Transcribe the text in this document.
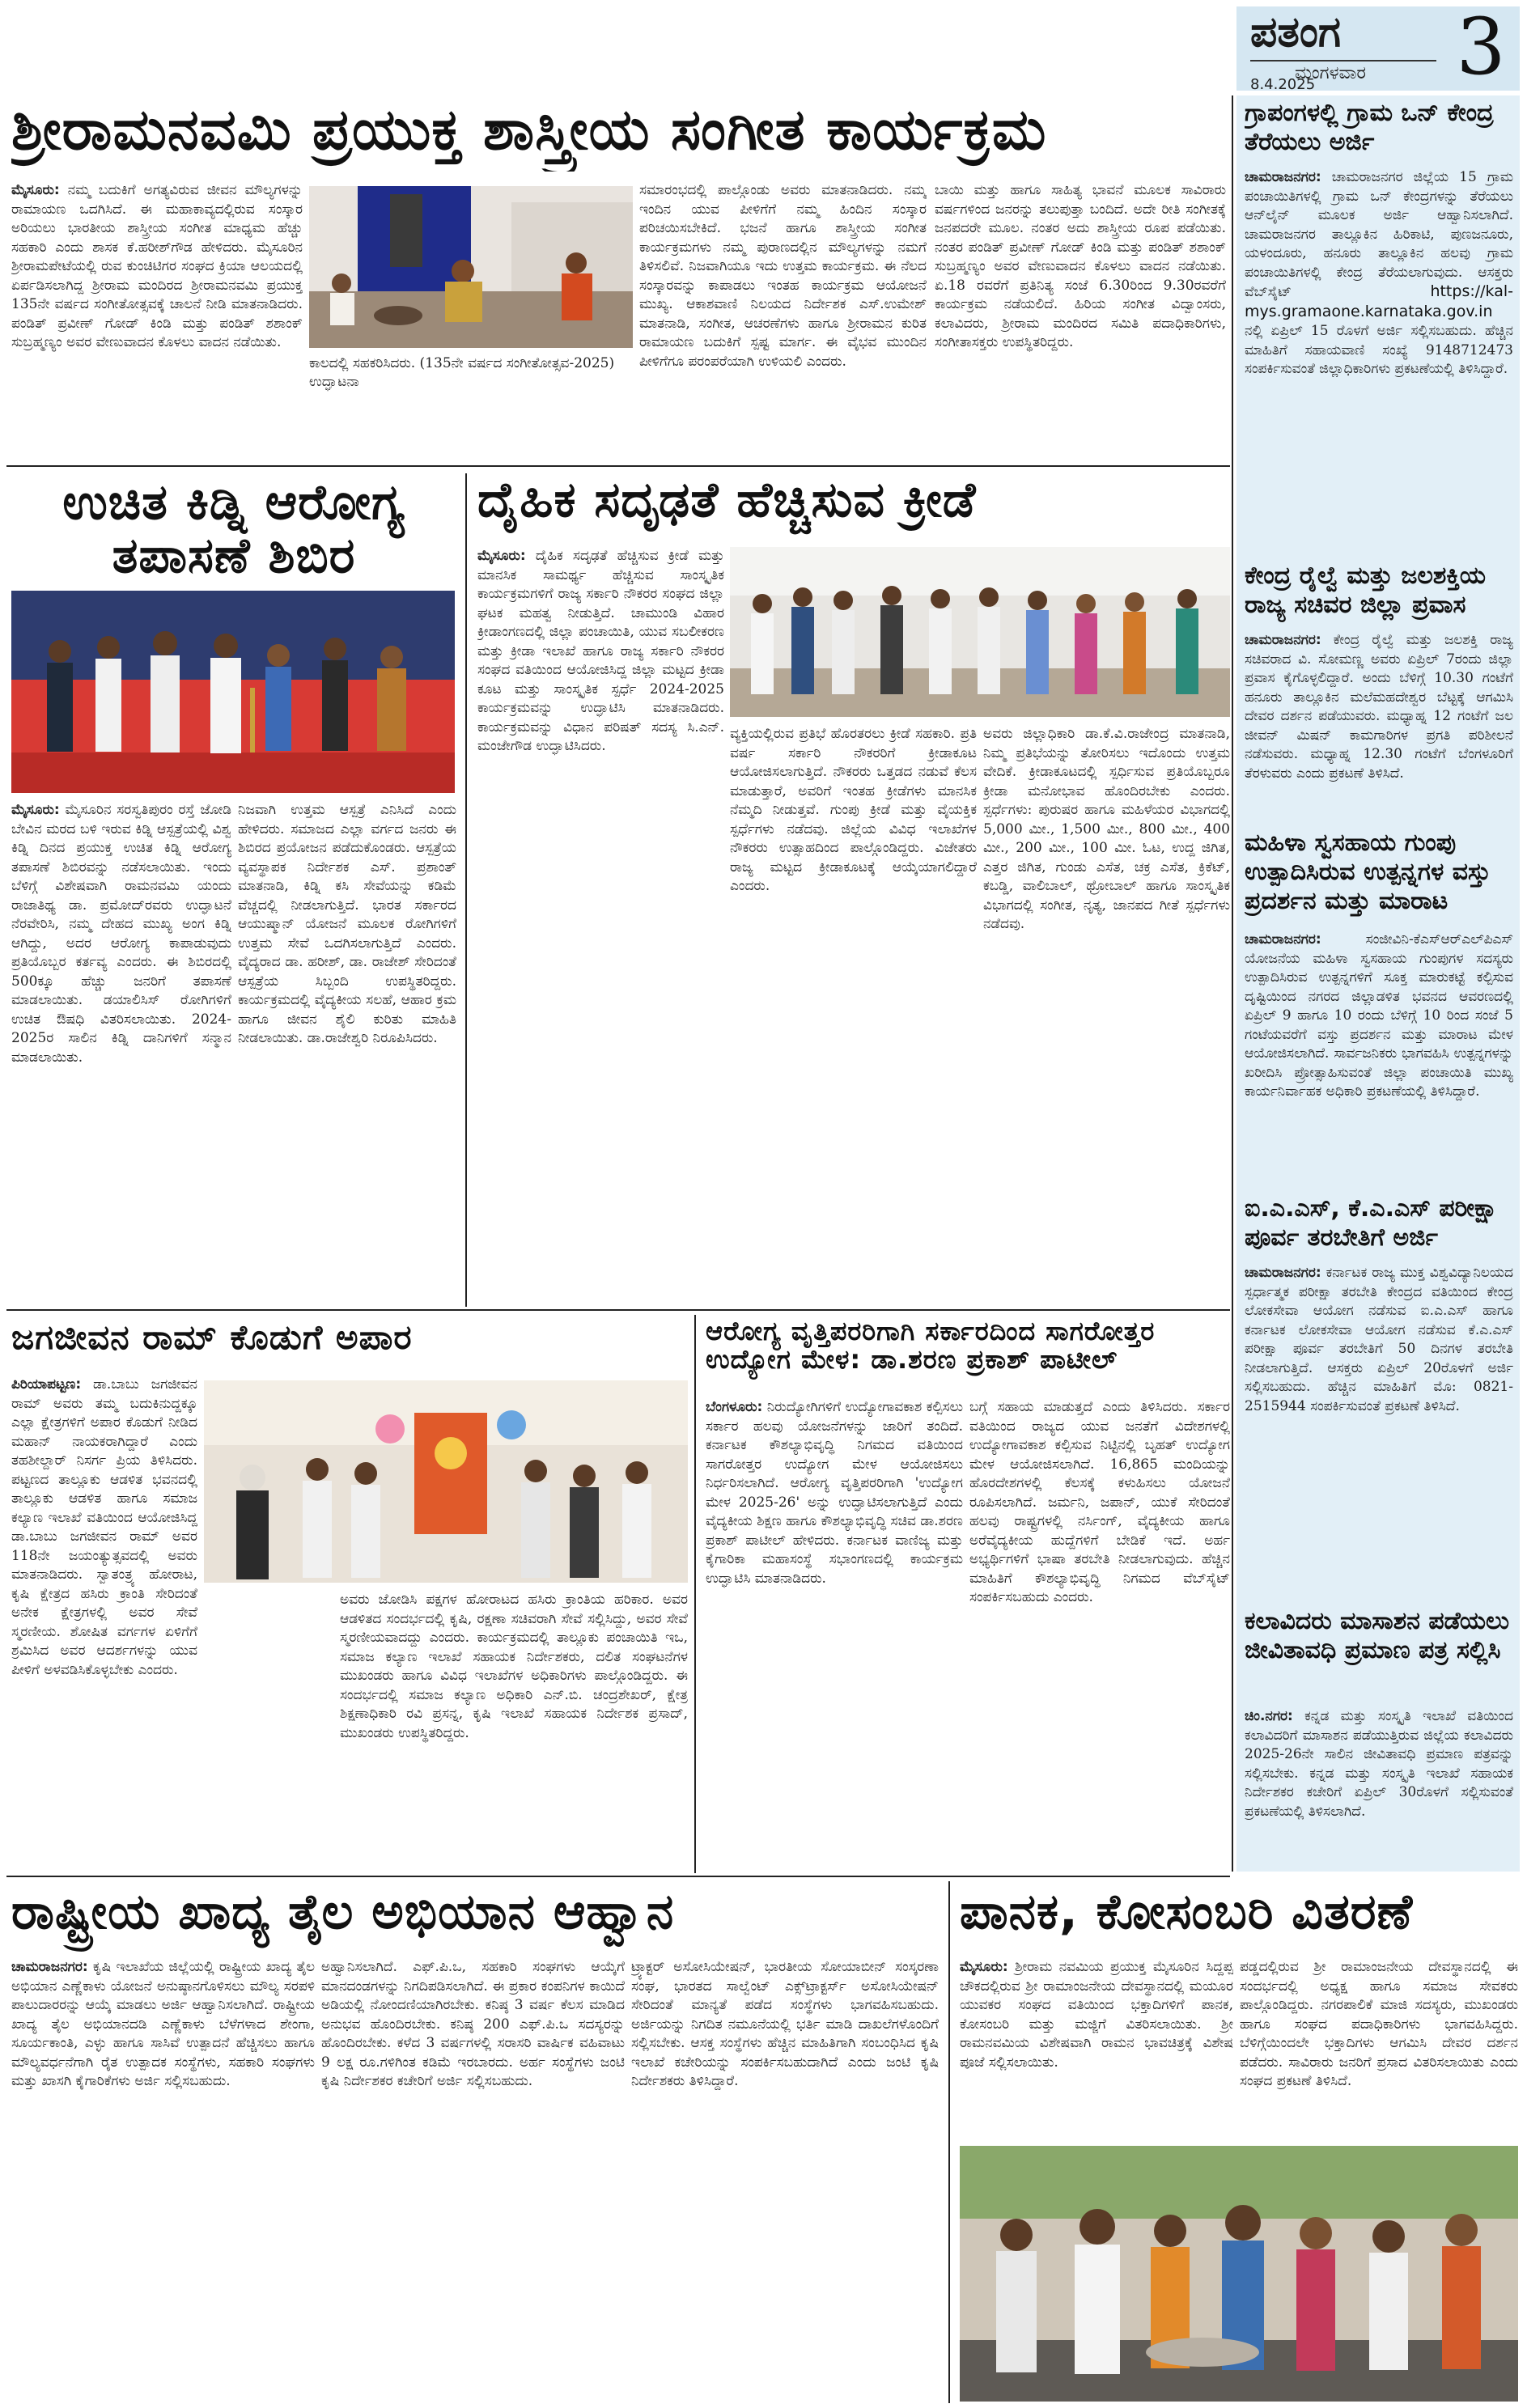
ಪತಂಗ
ಮಂಗಳವಾರ
8.4.2025	3
ಶ್ರೀರಾಮನವಮಿ ಪ್ರಯುಕ್ತ ಶಾಸ್ತ್ರೀಯ ಸಂಗೀತ ಕಾರ್ಯಕ್ರಮ
ಮೈಸೂರು: ನಮ್ಮ ಬದುಕಿಗೆ ಅಗತ್ಯವಿರುವ ಜೀವನ ಮೌಲ್ಯಗಳನ್ನು ರಾಮಾಯಣ ಒದಗಿಸಿದೆ. ಈ ಮಹಾಕಾವ್ಯದಲ್ಲಿರುವ ಸಂಸ್ಕಾರ ಅರಿಯಲು ಭಾರತೀಯ ಶಾಸ್ತ್ರೀಯ ಸಂಗೀತ ಮಾಧ್ಯಮ ಹೆಚ್ಚು ಸಹಕಾರಿ ಎಂದು ಶಾಸಕ ಕೆ.ಹರೀಶ್‌ಗೌಡ ಹೇಳಿದರು. ಮೈಸೂರಿನ ಶ್ರೀರಾಮಪೇಟೆಯಲ್ಲಿ ರುವ ಕುಂಚಿಟಿಗರ ಸಂಘದ ಕ್ರಿಯಾ ಆಲಯದಲ್ಲಿ ಏರ್ಪಡಿಸಲಾಗಿದ್ದ ಶ್ರೀರಾಮ ಮಂದಿರದ ಶ್ರೀರಾಮನವಮಿ ಪ್ರಯುಕ್ತ 135ನೇ ವರ್ಷದ ಸಂಗೀತೋತ್ಸವಕ್ಕೆ ಚಾಲನೆ ನೀಡಿ ಮಾತನಾಡಿದರು. ಪಂಡಿತ್ ಪ್ರವೀಣ್ ಗೋಡ್ ಕಿಂಡಿ ಮತ್ತು ಪಂಡಿತ್ ಶಶಾಂಕ್ ಸುಬ್ರಹ್ಮಣ್ಯಂ ಅವರ ವೇಣುವಾದನ ಕೊಳಲು ವಾದನ ನಡೆಯಿತು.
ಕಾಲದಲ್ಲಿ ಸಹಕರಿಸಿದರು. (135ನೇ ವರ್ಷದ ಸಂಗೀತೋತ್ಸವ-2025) ಉದ್ಘಾಟನಾ
ಸಮಾರಂಭದಲ್ಲಿ ಪಾಲ್ಗೊಂಡು ಅವರು ಮಾತನಾಡಿದರು. ನಮ್ಮ ಇಂದಿನ ಯುವ ಪೀಳಿಗೆಗೆ ನಮ್ಮ ಹಿಂದಿನ ಸಂಸ್ಕಾರ ಪರಿಚಯಿಸಬೇಕಿದೆ. ಭಜನೆ ಹಾಗೂ ಶಾಸ್ತ್ರೀಯ ಸಂಗೀತ ಕಾರ್ಯಕ್ರಮಗಳು ನಮ್ಮ ಪುರಾಣದಲ್ಲಿನ ಮೌಲ್ಯಗಳನ್ನು ನಮಗೆ ತಿಳಿಸಲಿವೆ. ನಿಜವಾಗಿಯೂ ಇದು ಉತ್ತಮ ಕಾರ್ಯಕ್ರಮ. ಈ ನೆಲದ ಸಂಸ್ಕಾರವನ್ನು ಕಾಪಾಡಲು ಇಂತಹ ಕಾರ್ಯಕ್ರಮ ಆಯೋಜನೆ ಮುಖ್ಯ. ಆಕಾಶವಾಣಿ ನಿಲಯದ ನಿರ್ದೇಶಕ ಎಸ್.ಉಮೇಶ್ ಮಾತನಾಡಿ, ಸಂಗೀತ, ಆಚರಣೆಗಳು ಹಾಗೂ ಶ್ರೀರಾಮನ ಕುರಿತ ರಾಮಾಯಣ ಬದುಕಿಗೆ ಸ್ಪಷ್ಟ ಮಾರ್ಗ. ಈ ವೈಭವ ಮುಂದಿನ ಪೀಳಿಗೆಗೂ ಪರಂಪರೆಯಾಗಿ ಉಳಿಯಲಿ ಎಂದರು.
ಬಾಯಿ ಮತ್ತು ಹಾಗೂ ಸಾಹಿತ್ಯ ಭಾವನೆ ಮೂಲಕ ಸಾವಿರಾರು ವರ್ಷಗಳಿಂದ ಜನರನ್ನು ತಲುಪುತ್ತಾ ಬಂದಿದೆ. ಅದೇ ರೀತಿ ಸಂಗೀತಕ್ಕೆ ಜನಪದರೇ ಮೂಲ. ನಂತರ ಅದು ಶಾಸ್ತ್ರೀಯ ರೂಪ ಪಡೆಯಿತು. ನಂತರ ಪಂಡಿತ್ ಪ್ರವೀಣ್ ಗೋಡ್ ಕಿಂಡಿ ಮತ್ತು ಪಂಡಿತ್ ಶಶಾಂಕ್ ಸುಬ್ರಹ್ಮಣ್ಯಂ ಅವರ ವೇಣುವಾದನ ಕೊಳಲು ವಾದನ ನಡೆಯಿತು. ಏ.18 ರವರೆಗೆ ಪ್ರತಿನಿತ್ಯ ಸಂಜೆ 6.30ರಿಂದ 9.30ರವರೆಗೆ ಕಾರ್ಯಕ್ರಮ ನಡೆಯಲಿದೆ. ಹಿರಿಯ ಸಂಗೀತ ವಿದ್ವಾಂಸರು, ಕಲಾವಿದರು, ಶ್ರೀರಾಮ ಮಂದಿರದ ಸಮಿತಿ ಪದಾಧಿಕಾರಿಗಳು, ಸಂಗೀತಾಸಕ್ತರು ಉಪಸ್ಥಿತರಿದ್ದರು.
ಉಚಿತ ಕಿಡ್ನಿ ಆರೋಗ್ಯ ತಪಾಸಣೆ ಶಿಬಿರ
ಮೈಸೂರು: ಮೈಸೂರಿನ ಸರಸ್ವತಿಪುರಂ ರಸ್ತೆ ಜೋಡಿ ಬೇವಿನ ಮರದ ಬಳಿ ಇರುವ ಕಿಡ್ನಿ ಆಸ್ಪತ್ರೆಯಲ್ಲಿ ವಿಶ್ವ ಕಿಡ್ನಿ ದಿನದ ಪ್ರಯುಕ್ತ ಉಚಿತ ಕಿಡ್ನಿ ಆರೋಗ್ಯ ತಪಾಸಣೆ ಶಿಬಿರವನ್ನು ನಡೆಸಲಾಯಿತು. ಇಂದು ಬೆಳಿಗ್ಗೆ ವಿಶೇಷವಾಗಿ ರಾಮನವಮಿ ಯಂದು ರಾಜಾತಿಥ್ಯ ಡಾ. ಪ್ರಮೋದ್‌ರವರು ಉದ್ಘಾಟನೆ ನೆರವೇರಿಸಿ, ನಮ್ಮ ದೇಹದ ಮುಖ್ಯ ಅಂಗ ಕಿಡ್ನಿ ಆಗಿದ್ದು, ಅದರ ಆರೋಗ್ಯ ಕಾಪಾಡುವುದು ಪ್ರತಿಯೊಬ್ಬರ ಕರ್ತವ್ಯ ಎಂದರು. ಈ ಶಿಬಿರದಲ್ಲಿ 500ಕ್ಕೂ ಹೆಚ್ಚು ಜನರಿಗೆ ತಪಾಸಣೆ ಮಾಡಲಾಯಿತು. ಡಯಾಲಿಸಿಸ್ ರೋಗಿಗಳಿಗೆ ಉಚಿತ ಔಷಧಿ ವಿತರಿಸಲಾಯಿತು. 2024-2025ರ ಸಾಲಿನ ಕಿಡ್ನಿ ದಾನಿಗಳಿಗೆ ಸನ್ಮಾನ ಮಾಡಲಾಯಿತು.
ನಿಜವಾಗಿ ಉತ್ತಮ ಆಸ್ಪತ್ರೆ ಎನಿಸಿದೆ ಎಂದು ಹೇಳಿದರು. ಸಮಾಜದ ಎಲ್ಲಾ ವರ್ಗದ ಜನರು ಈ ಶಿಬಿರದ ಪ್ರಯೋಜನ ಪಡೆದುಕೊಂಡರು. ಆಸ್ಪತ್ರೆಯ ವ್ಯವಸ್ಥಾಪಕ ನಿರ್ದೇಶಕ ಎಸ್. ಪ್ರಶಾಂತ್ ಮಾತನಾಡಿ, ಕಿಡ್ನಿ ಕಸಿ ಸೇವೆಯನ್ನು ಕಡಿಮೆ ವೆಚ್ಚದಲ್ಲಿ ನೀಡಲಾಗುತ್ತಿದೆ. ಭಾರತ ಸರ್ಕಾರದ ಆಯುಷ್ಮಾನ್ ಯೋಜನೆ ಮೂಲಕ ರೋಗಿಗಳಿಗೆ ಉತ್ತಮ ಸೇವೆ ಒದಗಿಸಲಾಗುತ್ತಿದೆ ಎಂದರು. ವೈದ್ಯರಾದ ಡಾ. ಹರೀಶ್, ಡಾ. ರಾಜೇಶ್ ಸೇರಿದಂತೆ ಆಸ್ಪತ್ರೆಯ ಸಿಬ್ಬಂದಿ ಉಪಸ್ಥಿತರಿದ್ದರು. ಕಾರ್ಯಕ್ರಮದಲ್ಲಿ ವೈದ್ಯಕೀಯ ಸಲಹೆ, ಆಹಾರ ಕ್ರಮ ಹಾಗೂ ಜೀವನ ಶೈಲಿ ಕುರಿತು ಮಾಹಿತಿ ನೀಡಲಾಯಿತು. ಡಾ.ರಾಜೇಶ್ವರಿ ನಿರೂಪಿಸಿದರು.
ದೈಹಿಕ ಸದೃಢತೆ ಹೆಚ್ಚಿಸುವ ಕ್ರೀಡೆ
ಮೈಸೂರು: ದೈಹಿಕ ಸದೃಢತೆ ಹೆಚ್ಚಿಸುವ ಕ್ರೀಡೆ ಮತ್ತು ಮಾನಸಿಕ ಸಾಮರ್ಥ್ಯ ಹೆಚ್ಚಿಸುವ ಸಾಂಸ್ಕೃತಿಕ ಕಾರ್ಯಕ್ರಮಗಳಿಗೆ ರಾಜ್ಯ ಸರ್ಕಾರಿ ನೌಕರರ ಸಂಘದ ಜಿಲ್ಲಾ ಘಟಕ ಮಹತ್ವ ನೀಡುತ್ತಿದೆ. ಚಾಮುಂಡಿ ವಿಹಾರ ಕ್ರೀಡಾಂಗಣದಲ್ಲಿ ಜಿಲ್ಲಾ ಪಂಚಾಯಿತಿ, ಯುವ ಸಬಲೀಕರಣ ಮತ್ತು ಕ್ರೀಡಾ ಇಲಾಖೆ ಹಾಗೂ ರಾಜ್ಯ ಸರ್ಕಾರಿ ನೌಕರರ ಸಂಘದ ವತಿಯಿಂದ ಆಯೋಜಿಸಿದ್ದ ಜಿಲ್ಲಾ ಮಟ್ಟದ ಕ್ರೀಡಾ ಕೂಟ ಮತ್ತು ಸಾಂಸ್ಕೃತಿಕ ಸ್ಪರ್ಧೆ 2024-2025 ಕಾರ್ಯಕ್ರಮವನ್ನು ಉದ್ಘಾಟಿಸಿ ಮಾತನಾಡಿದರು. ಕಾರ್ಯಕ್ರಮವನ್ನು ವಿಧಾನ ಪರಿಷತ್ ಸದಸ್ಯ ಸಿ.ಎನ್. ಮಂಜೇಗೌಡ ಉದ್ಘಾಟಿಸಿದರು.
ವ್ಯಕ್ತಿಯಲ್ಲಿರುವ ಪ್ರತಿಭೆ ಹೊರತರಲು ಕ್ರೀಡೆ ಸಹಕಾರಿ. ಪ್ರತಿ ವರ್ಷ ಸರ್ಕಾರಿ ನೌಕರರಿಗೆ ಕ್ರೀಡಾಕೂಟ ಆಯೋಜಿಸಲಾಗುತ್ತಿದೆ. ನೌಕರರು ಒತ್ತಡದ ನಡುವೆ ಕೆಲಸ ಮಾಡುತ್ತಾರೆ, ಅವರಿಗೆ ಇಂತಹ ಕ್ರೀಡೆಗಳು ಮಾನಸಿಕ ನೆಮ್ಮದಿ ನೀಡುತ್ತವೆ. ಗುಂಪು ಕ್ರೀಡೆ ಮತ್ತು ವೈಯಕ್ತಿಕ ಸ್ಪರ್ಧೆಗಳು ನಡೆದವು. ಜಿಲ್ಲೆಯ ವಿವಿಧ ಇಲಾಖೆಗಳ ನೌಕರರು ಉತ್ಸಾಹದಿಂದ ಪಾಲ್ಗೊಂಡಿದ್ದರು. ವಿಜೇತರು ರಾಜ್ಯ ಮಟ್ಟದ ಕ್ರೀಡಾಕೂಟಕ್ಕೆ ಆಯ್ಕೆಯಾಗಲಿದ್ದಾರೆ ಎಂದರು.
ಅವರು ಜಿಲ್ಲಾಧಿಕಾರಿ ಡಾ.ಕೆ.ವಿ.ರಾಜೇಂದ್ರ ಮಾತನಾಡಿ, ನಿಮ್ಮ ಪ್ರತಿಭೆಯನ್ನು ತೋರಿಸಲು ಇದೊಂದು ಉತ್ತಮ ವೇದಿಕೆ. ಕ್ರೀಡಾಕೂಟದಲ್ಲಿ ಸ್ಪರ್ಧಿಸುವ ಪ್ರತಿಯೊಬ್ಬರೂ ಕ್ರೀಡಾ ಮನೋಭಾವ ಹೊಂದಿರಬೇಕು ಎಂದರು. ಸ್ಪರ್ಧೆಗಳು: ಪುರುಷರ ಹಾಗೂ ಮಹಿಳೆಯರ ವಿಭಾಗದಲ್ಲಿ 5,000 ಮೀ., 1,500 ಮೀ., 800 ಮೀ., 400 ಮೀ., 200 ಮೀ., 100 ಮೀ. ಓಟ, ಉದ್ದ ಜಿಗಿತ, ಎತ್ತರ ಜಿಗಿತ, ಗುಂಡು ಎಸೆತ, ಚಕ್ರ ಎಸೆತ, ಕ್ರಿಕೆಟ್, ಕಬಡ್ಡಿ, ವಾಲಿಬಾಲ್, ಥ್ರೋಬಾಲ್ ಹಾಗೂ ಸಾಂಸ್ಕೃತಿಕ ವಿಭಾಗದಲ್ಲಿ ಸಂಗೀತ, ನೃತ್ಯ, ಜಾನಪದ ಗೀತೆ ಸ್ಪರ್ಧೆಗಳು ನಡೆದವು.
ಜಗಜೀವನ ರಾಮ್ ಕೊಡುಗೆ ಅಪಾರ
ಪಿರಿಯಾಪಟ್ಟಣ: ಡಾ.ಬಾಬು ಜಗಜೀವನ ರಾಮ್ ಅವರು ತಮ್ಮ ಬದುಕಿನುದ್ದಕ್ಕೂ ಎಲ್ಲಾ ಕ್ಷೇತ್ರಗಳಿಗೆ ಅಪಾರ ಕೊಡುಗೆ ನೀಡಿದ ಮಹಾನ್ ನಾಯಕರಾಗಿದ್ದಾರೆ ಎಂದು ತಹಶೀಲ್ದಾರ್ ನಿಸರ್ಗ ಪ್ರಿಯ ತಿಳಿಸಿದರು. ಪಟ್ಟಣದ ತಾಲ್ಲೂಕು ಆಡಳಿತ ಭವನದಲ್ಲಿ ತಾಲ್ಲೂಕು ಆಡಳಿತ ಹಾಗೂ ಸಮಾಜ ಕಲ್ಯಾಣ ಇಲಾಖೆ ವತಿಯಿಂದ ಆಯೋಜಿಸಿದ್ದ ಡಾ.ಬಾಬು ಜಗಜೀವನ ರಾಮ್ ಅವರ 118ನೇ ಜಯಂತ್ಯುತ್ಸವದಲ್ಲಿ ಅವರು ಮಾತನಾಡಿದರು. ಸ್ವಾತಂತ್ರ್ಯ ಹೋರಾಟ, ಕೃಷಿ ಕ್ಷೇತ್ರದ ಹಸಿರು ಕ್ರಾಂತಿ ಸೇರಿದಂತೆ ಅನೇಕ ಕ್ಷೇತ್ರಗಳಲ್ಲಿ ಅವರ ಸೇವೆ ಸ್ಮರಣೀಯ. ಶೋಷಿತ ವರ್ಗಗಳ ಏಳಿಗೆಗೆ ಶ್ರಮಿಸಿದ ಅವರ ಆದರ್ಶಗಳನ್ನು ಯುವ ಪೀಳಿಗೆ ಅಳವಡಿಸಿಕೊಳ್ಳಬೇಕು ಎಂದರು.
ಅವರು ಜೋಡಿಸಿ ಪಕ್ಷಗಳ ಹೋರಾಟದ ಹಸಿರು ಕ್ರಾಂತಿಯ ಹರಿಕಾರ. ಅವರ ಆಡಳಿತದ ಸಂದರ್ಭದಲ್ಲಿ ಕೃಷಿ, ರಕ್ಷಣಾ ಸಚಿವರಾಗಿ ಸೇವೆ ಸಲ್ಲಿಸಿದ್ದು, ಅವರ ಸೇವೆ ಸ್ಮರಣೀಯವಾದದ್ದು ಎಂದರು. ಕಾರ್ಯಕ್ರಮದಲ್ಲಿ ತಾಲ್ಲೂಕು ಪಂಚಾಯಿತಿ ಇಒ, ಸಮಾಜ ಕಲ್ಯಾಣ ಇಲಾಖೆ ಸಹಾಯಕ ನಿರ್ದೇಶಕರು, ದಲಿತ ಸಂಘಟನೆಗಳ ಮುಖಂಡರು ಹಾಗೂ ವಿವಿಧ ಇಲಾಖೆಗಳ ಅಧಿಕಾರಿಗಳು ಪಾಲ್ಗೊಂಡಿದ್ದರು. ಈ ಸಂದರ್ಭದಲ್ಲಿ ಸಮಾಜ ಕಲ್ಯಾಣ ಅಧಿಕಾರಿ ಎನ್.ಬಿ. ಚಂದ್ರಶೇಖರ್, ಕ್ಷೇತ್ರ ಶಿಕ್ಷಣಾಧಿಕಾರಿ ರವಿ ಪ್ರಸನ್ನ, ಕೃಷಿ ಇಲಾಖೆ ಸಹಾಯಕ ನಿರ್ದೇಶಕ ಪ್ರಸಾದ್, ಮುಖಂಡರು ಉಪಸ್ಥಿತರಿದ್ದರು.
ಆರೋಗ್ಯ ವೃತ್ತಿಪರರಿಗಾಗಿ ಸರ್ಕಾರದಿಂದ ಸಾಗರೋತ್ತರ ಉದ್ಯೋಗ ಮೇಳ: ಡಾ.ಶರಣ ಪ್ರಕಾಶ್ ಪಾಟೀಲ್
ಬೆಂಗಳೂರು: ನಿರುದ್ಯೋಗಿಗಳಿಗೆ ಉದ್ಯೋಗಾವಕಾಶ ಕಲ್ಪಿಸಲು ಸರ್ಕಾರ ಹಲವು ಯೋಜನೆಗಳನ್ನು ಜಾರಿಗೆ ತಂದಿದೆ. ಕರ್ನಾಟಕ ಕೌಶಲ್ಯಾಭಿವೃದ್ಧಿ ನಿಗಮದ ವತಿಯಿಂದ ಸಾಗರೋತ್ತರ ಉದ್ಯೋಗ ಮೇಳ ಆಯೋಜಿಸಲು ನಿರ್ಧರಿಸಲಾಗಿದೆ. ಆರೋಗ್ಯ ವೃತ್ತಿಪರರಿಗಾಗಿ 'ಉದ್ಯೋಗ ಮೇಳ 2025-26' ಅನ್ನು ಉದ್ಘಾಟಿಸಲಾಗುತ್ತಿದೆ ಎಂದು ವೈದ್ಯಕೀಯ ಶಿಕ್ಷಣ ಹಾಗೂ ಕೌಶಲ್ಯಾಭಿವೃದ್ಧಿ ಸಚಿವ ಡಾ.ಶರಣ ಪ್ರಕಾಶ್ ಪಾಟೀಲ್ ಹೇಳಿದರು. ಕರ್ನಾಟಕ ವಾಣಿಜ್ಯ ಮತ್ತು ಕೈಗಾರಿಕಾ ಮಹಾಸಂಸ್ಥೆ ಸಭಾಂಗಣದಲ್ಲಿ ಕಾರ್ಯಕ್ರಮ ಉದ್ಘಾಟಿಸಿ ಮಾತನಾಡಿದರು.
ಬಗ್ಗೆ ಸಹಾಯ ಮಾಡುತ್ತದೆ ಎಂದು ತಿಳಿಸಿದರು. ಸರ್ಕಾರ ವತಿಯಿಂದ ರಾಜ್ಯದ ಯುವ ಜನತೆಗೆ ವಿದೇಶಗಳಲ್ಲಿ ಉದ್ಯೋಗಾವಕಾಶ ಕಲ್ಪಿಸುವ ನಿಟ್ಟಿನಲ್ಲಿ ಬೃಹತ್ ಉದ್ಯೋಗ ಮೇಳ ಆಯೋಜಿಸಲಾಗಿದೆ. 16,865 ಮಂದಿಯನ್ನು ಹೊರದೇಶಗಳಲ್ಲಿ ಕೆಲಸಕ್ಕೆ ಕಳುಹಿಸಲು ಯೋಜನೆ ರೂಪಿಸಲಾಗಿದೆ. ಜರ್ಮನಿ, ಜಪಾನ್, ಯುಕೆ ಸೇರಿದಂತೆ ಹಲವು ರಾಷ್ಟ್ರಗಳಲ್ಲಿ ನರ್ಸಿಂಗ್, ವೈದ್ಯಕೀಯ ಹಾಗೂ ಅರೆವೈದ್ಯಕೀಯ ಹುದ್ದೆಗಳಿಗೆ ಬೇಡಿಕೆ ಇದೆ. ಅರ್ಹ ಅಭ್ಯರ್ಥಿಗಳಿಗೆ ಭಾಷಾ ತರಬೇತಿ ನೀಡಲಾಗುವುದು. ಹೆಚ್ಚಿನ ಮಾಹಿತಿಗೆ ಕೌಶಲ್ಯಾಭಿವೃದ್ಧಿ ನಿಗಮದ ವೆಬ್‌ಸೈಟ್ ಸಂಪರ್ಕಿಸಬಹುದು ಎಂದರು.
ಗ್ರಾಪಂಗಳಲ್ಲಿ ಗ್ರಾಮ ಒನ್ ಕೇಂದ್ರ ತೆರೆಯಲು ಅರ್ಜಿ
ಚಾಮರಾಜನಗರ: ಚಾಮರಾಜನಗರ ಜಿಲ್ಲೆಯ 15 ಗ್ರಾಮ ಪಂಚಾಯಿತಿಗಳಲ್ಲಿ ಗ್ರಾಮ ಒನ್ ಕೇಂದ್ರಗಳನ್ನು ತೆರೆಯಲು ಆನ್‌ಲೈನ್ ಮೂಲಕ ಅರ್ಜಿ ಆಹ್ವಾನಿಸಲಾಗಿದೆ. ಚಾಮರಾಜನಗರ ತಾಲ್ಲೂಕಿನ ಹಿರಿಕಾಟಿ, ಪುಣಜನೂರು, ಯಳಂದೂರು, ಹನೂರು ತಾಲ್ಲೂಕಿನ ಹಲವು ಗ್ರಾಮ ಪಂಚಾಯಿತಿಗಳಲ್ಲಿ ಕೇಂದ್ರ ತೆರೆಯಲಾಗುವುದು. ಆಸಕ್ತರು ವೆಬ್‌ಸೈಟ್	https://kal-mys.gramaone.karnataka.gov.in ನಲ್ಲಿ ಏಪ್ರಿಲ್ 15 ರೊಳಗೆ ಅರ್ಜಿ ಸಲ್ಲಿಸಬಹುದು. ಹೆಚ್ಚಿನ ಮಾಹಿತಿಗೆ ಸಹಾಯವಾಣಿ ಸಂಖ್ಯೆ 9148712473 ಸಂಪರ್ಕಿಸುವಂತೆ ಜಿಲ್ಲಾಧಿಕಾರಿಗಳು ಪ್ರಕಟಣೆಯಲ್ಲಿ ತಿಳಿಸಿದ್ದಾರೆ.
ಕೇಂದ್ರ ರೈಲ್ವೆ ಮತ್ತು ಜಲಶಕ್ತಿಯ ರಾಜ್ಯ ಸಚಿವರ ಜಿಲ್ಲಾ ಪ್ರವಾಸ
ಚಾಮರಾಜನಗರ: ಕೇಂದ್ರ ರೈಲ್ವೆ ಮತ್ತು ಜಲಶಕ್ತಿ ರಾಜ್ಯ ಸಚಿವರಾದ ವಿ. ಸೋಮಣ್ಣ ಅವರು ಏಪ್ರಿಲ್ 7ರಂದು ಜಿಲ್ಲಾ ಪ್ರವಾಸ ಕೈಗೊಳ್ಳಲಿದ್ದಾರೆ. ಅಂದು ಬೆಳಿಗ್ಗೆ 10.30 ಗಂಟೆಗೆ ಹನೂರು ತಾಲ್ಲೂಕಿನ ಮಲೆಮಹದೇಶ್ವರ ಬೆಟ್ಟಕ್ಕೆ ಆಗಮಿಸಿ ದೇವರ ದರ್ಶನ ಪಡೆಯುವರು. ಮಧ್ಯಾಹ್ನ 12 ಗಂಟೆಗೆ ಜಲ ಜೀವನ್ ಮಿಷನ್ ಕಾಮಗಾರಿಗಳ ಪ್ರಗತಿ ಪರಿಶೀಲನೆ ನಡೆಸುವರು. ಮಧ್ಯಾಹ್ನ 12.30 ಗಂಟೆಗೆ ಬೆಂಗಳೂರಿಗೆ ತೆರಳುವರು ಎಂದು ಪ್ರಕಟಣೆ ತಿಳಿಸಿದೆ.
ಮಹಿಳಾ ಸ್ವಸಹಾಯ ಗುಂಪು ಉತ್ಪಾದಿಸಿರುವ ಉತ್ಪನ್ನಗಳ ವಸ್ತು ಪ್ರದರ್ಶನ ಮತ್ತು ಮಾರಾಟ
ಚಾಮರಾಜನಗರ:	ಸಂಜೀವಿನಿ-ಕೆಎಸ್‌ಆರ್‌ಎಲ್‌ಪಿಎಸ್ ಯೋಜನೆಯ ಮಹಿಳಾ ಸ್ವಸಹಾಯ ಗುಂಪುಗಳ ಸದಸ್ಯರು ಉತ್ಪಾದಿಸಿರುವ ಉತ್ಪನ್ನಗಳಿಗೆ ಸೂಕ್ತ ಮಾರುಕಟ್ಟೆ ಕಲ್ಪಿಸುವ ದೃಷ್ಟಿಯಿಂದ ನಗರದ ಜಿಲ್ಲಾಡಳಿತ ಭವನದ ಆವರಣದಲ್ಲಿ ಏಪ್ರಿಲ್ 9 ಹಾಗೂ 10 ರಂದು ಬೆಳಿಗ್ಗೆ 10 ರಿಂದ ಸಂಜೆ 5 ಗಂಟೆಯವರೆಗೆ ವಸ್ತು ಪ್ರದರ್ಶನ ಮತ್ತು ಮಾರಾಟ ಮೇಳ ಆಯೋಜಿಸಲಾಗಿದೆ. ಸಾರ್ವಜನಿಕರು ಭಾಗವಹಿಸಿ ಉತ್ಪನ್ನಗಳನ್ನು ಖರೀದಿಸಿ ಪ್ರೋತ್ಸಾಹಿಸುವಂತೆ ಜಿಲ್ಲಾ ಪಂಚಾಯಿತಿ ಮುಖ್ಯ ಕಾರ್ಯನಿರ್ವಾಹಕ ಅಧಿಕಾರಿ ಪ್ರಕಟಣೆಯಲ್ಲಿ ತಿಳಿಸಿದ್ದಾರೆ.
ಐ.ಎ.ಎಸ್, ಕೆ.ಎ.ಎಸ್ ಪರೀಕ್ಷಾ ಪೂರ್ವ ತರಬೇತಿಗೆ ಅರ್ಜಿ
ಚಾಮರಾಜನಗರ: ಕರ್ನಾಟಕ ರಾಜ್ಯ ಮುಕ್ತ ವಿಶ್ವವಿದ್ಯಾನಿಲಯದ ಸ್ಪರ್ಧಾತ್ಮಕ ಪರೀಕ್ಷಾ ತರಬೇತಿ ಕೇಂದ್ರದ ವತಿಯಿಂದ ಕೇಂದ್ರ ಲೋಕಸೇವಾ ಆಯೋಗ ನಡೆಸುವ ಐ.ಎ.ಎಸ್ ಹಾಗೂ ಕರ್ನಾಟಕ ಲೋಕಸೇವಾ ಆಯೋಗ ನಡೆಸುವ ಕೆ.ಎ.ಎಸ್ ಪರೀಕ್ಷಾ ಪೂರ್ವ ತರಬೇತಿಗೆ 50 ದಿನಗಳ ತರಬೇತಿ ನೀಡಲಾಗುತ್ತಿದೆ. ಆಸಕ್ತರು ಏಪ್ರಿಲ್ 20ರೊಳಗೆ ಅರ್ಜಿ ಸಲ್ಲಿಸಬಹುದು. ಹೆಚ್ಚಿನ ಮಾಹಿತಿಗೆ ಮೊ: 0821-2515944 ಸಂಪರ್ಕಿಸುವಂತೆ ಪ್ರಕಟಣೆ ತಿಳಿಸಿದೆ.
ಕಲಾವಿದರು ಮಾಸಾಶನ ಪಡೆಯಲು ಜೀವಿತಾವಧಿ ಪ್ರಮಾಣ ಪತ್ರ ಸಲ್ಲಿಸಿ
ಚಿಂ.ನಗರ: ಕನ್ನಡ ಮತ್ತು ಸಂಸ್ಕೃತಿ ಇಲಾಖೆ ವತಿಯಿಂದ ಕಲಾವಿದರಿಗೆ ಮಾಸಾಶನ ಪಡೆಯುತ್ತಿರುವ ಜಿಲ್ಲೆಯ ಕಲಾವಿದರು 2025-26ನೇ ಸಾಲಿನ ಜೀವಿತಾವಧಿ ಪ್ರಮಾಣ ಪತ್ರವನ್ನು ಸಲ್ಲಿಸಬೇಕು. ಕನ್ನಡ ಮತ್ತು ಸಂಸ್ಕೃತಿ ಇಲಾಖೆ ಸಹಾಯಕ ನಿರ್ದೇಶಕರ ಕಚೇರಿಗೆ ಏಪ್ರಿಲ್ 30ರೊಳಗೆ ಸಲ್ಲಿಸುವಂತೆ ಪ್ರಕಟಣೆಯಲ್ಲಿ ತಿಳಿಸಲಾಗಿದೆ.
ರಾಷ್ಟ್ರೀಯ ಖಾದ್ಯ ತೈಲ ಅಭಿಯಾನ ಆಹ್ವಾನ
ಚಾಮರಾಜನಗರ: ಕೃಷಿ ಇಲಾಖೆಯ ಜಿಲ್ಲೆಯಲ್ಲಿ ರಾಷ್ಟ್ರೀಯ ಖಾದ್ಯ ತೈಲ ಅಭಿಯಾನ ಎಣ್ಣೆಕಾಳು ಯೋಜನೆ ಅನುಷ್ಠಾನಗೊಳಿಸಲು ಮೌಲ್ಯ ಸರಪಳಿ ಪಾಲುದಾರರನ್ನು ಆಯ್ಕೆ ಮಾಡಲು ಅರ್ಜಿ ಆಹ್ವಾನಿಸಲಾಗಿದೆ. ರಾಷ್ಟ್ರೀಯ ಖಾದ್ಯ ತೈಲ ಅಭಿಯಾನದಡಿ ಎಣ್ಣೆಕಾಳು ಬೆಳೆಗಳಾದ ಶೇಂಗಾ, ಸೂರ್ಯಕಾಂತಿ, ಎಳ್ಳು ಹಾಗೂ ಸಾಸಿವೆ ಉತ್ಪಾದನೆ ಹೆಚ್ಚಿಸಲು ಹಾಗೂ ಮೌಲ್ಯವರ್ಧನೆಗಾಗಿ ರೈತ ಉತ್ಪಾದಕ ಸಂಸ್ಥೆಗಳು, ಸಹಕಾರಿ ಸಂಘಗಳು ಮತ್ತು ಖಾಸಗಿ ಕೈಗಾರಿಕೆಗಳು ಅರ್ಜಿ ಸಲ್ಲಿಸಬಹುದು.
ಅಹ್ವಾನಿಸಲಾಗಿದೆ. ಎಫ್.ಪಿ.ಒ, ಸಹಕಾರಿ ಸಂಘಗಳು ಆಯ್ಕೆಗೆ ಮಾನದಂಡಗಳನ್ನು ನಿಗದಿಪಡಿಸಲಾಗಿದೆ. ಈ ಪ್ರಕಾರ ಕಂಪನಿಗಳ ಕಾಯಿದೆ ಅಡಿಯಲ್ಲಿ ನೋಂದಣಿಯಾಗಿರಬೇಕು. ಕನಿಷ್ಠ 3 ವರ್ಷ ಕೆಲಸ ಮಾಡಿದ ಅನುಭವ ಹೊಂದಿರಬೇಕು. ಕನಿಷ್ಠ 200 ಎಫ್.ಪಿ.ಒ ಸದಸ್ಯರನ್ನು ಹೊಂದಿರಬೇಕು. ಕಳೆದ 3 ವರ್ಷಗಳಲ್ಲಿ ಸರಾಸರಿ ವಾರ್ಷಿಕ ವಹಿವಾಟು 9 ಲಕ್ಷ ರೂ.ಗಳಿಗಿಂತ ಕಡಿಮೆ ಇರಬಾರದು. ಅರ್ಹ ಸಂಸ್ಥೆಗಳು ಜಂಟಿ ಕೃಷಿ ನಿರ್ದೇಶಕರ ಕಚೇರಿಗೆ ಅರ್ಜಿ ಸಲ್ಲಿಸಬಹುದು.
ಟ್ರ್ಯಾಕ್ಟರ್ ಅಸೋಸಿಯೇಷನ್, ಭಾರತೀಯ ಸೋಯಾಬೀನ್ ಸಂಸ್ಕರಣಾ ಸಂಘ, ಭಾರತದ ಸಾಲ್ವೆಂಟ್ ಎಕ್ಸ್‌ಟ್ರಾಕ್ಟರ್ಸ್ ಅಸೋಸಿಯೇಷನ್ ಸೇರಿದಂತೆ ಮಾನ್ಯತೆ ಪಡೆದ ಸಂಸ್ಥೆಗಳು ಭಾಗವಹಿಸಬಹುದು. ಅರ್ಜಿಯನ್ನು ನಿಗದಿತ ನಮೂನೆಯಲ್ಲಿ ಭರ್ತಿ ಮಾಡಿ ದಾಖಲೆಗಳೊಂದಿಗೆ ಸಲ್ಲಿಸಬೇಕು. ಆಸಕ್ತ ಸಂಸ್ಥೆಗಳು ಹೆಚ್ಚಿನ ಮಾಹಿತಿಗಾಗಿ ಸಂಬಂಧಿಸಿದ ಕೃಷಿ ಇಲಾಖೆ ಕಚೇರಿಯನ್ನು ಸಂಪರ್ಕಿಸಬಹುದಾಗಿದೆ ಎಂದು ಜಂಟಿ ಕೃಷಿ ನಿರ್ದೇಶಕರು ತಿಳಿಸಿದ್ದಾರೆ.
ಪಾನಕ, ಕೋಸಂಬರಿ ವಿತರಣೆ
ಮೈಸೂರು: ಶ್ರೀರಾಮ ನವಮಿಯ ಪ್ರಯುಕ್ತ ಮೈಸೂರಿನ ಸಿದ್ದಪ್ಪ ಚೌಕದಲ್ಲಿರುವ ಶ್ರೀ ರಾಮಾಂಜನೇಯ ದೇವಸ್ಥಾನದಲ್ಲಿ ಮಯೂರ ಯುವಕರ ಸಂಘದ ವತಿಯಿಂದ ಭಕ್ತಾದಿಗಳಿಗೆ ಪಾನಕ, ಕೋಸಂಬರಿ ಮತ್ತು ಮಜ್ಜಿಗೆ ವಿತರಿಸಲಾಯಿತು. ಶ್ರೀ ರಾಮನವಮಿಯ ವಿಶೇಷವಾಗಿ ರಾಮನ ಭಾವಚಿತ್ರಕ್ಕೆ ವಿಶೇಷ ಪೂಜೆ ಸಲ್ಲಿಸಲಾಯಿತು.
ಪಡ್ಡದಲ್ಲಿರುವ ಶ್ರೀ ರಾಮಾಂಜನೇಯ ದೇವಸ್ಥಾನದಲ್ಲಿ ಈ ಸಂದರ್ಭದಲ್ಲಿ ಅಧ್ಯಕ್ಷ ಹಾಗೂ ಸಮಾಜ ಸೇವಕರು ಪಾಲ್ಗೊಂಡಿದ್ದರು. ನಗರಪಾಲಿಕೆ ಮಾಜಿ ಸದಸ್ಯರು, ಮುಖಂಡರು ಹಾಗೂ ಸಂಘದ ಪದಾಧಿಕಾರಿಗಳು ಭಾಗವಹಿಸಿದ್ದರು. ಬೆಳಿಗ್ಗೆಯಿಂದಲೇ ಭಕ್ತಾದಿಗಳು ಆಗಮಿಸಿ ದೇವರ ದರ್ಶನ ಪಡೆದರು. ಸಾವಿರಾರು ಜನರಿಗೆ ಪ್ರಸಾದ ವಿತರಿಸಲಾಯಿತು ಎಂದು ಸಂಘದ ಪ್ರಕಟಣೆ ತಿಳಿಸಿದೆ.
